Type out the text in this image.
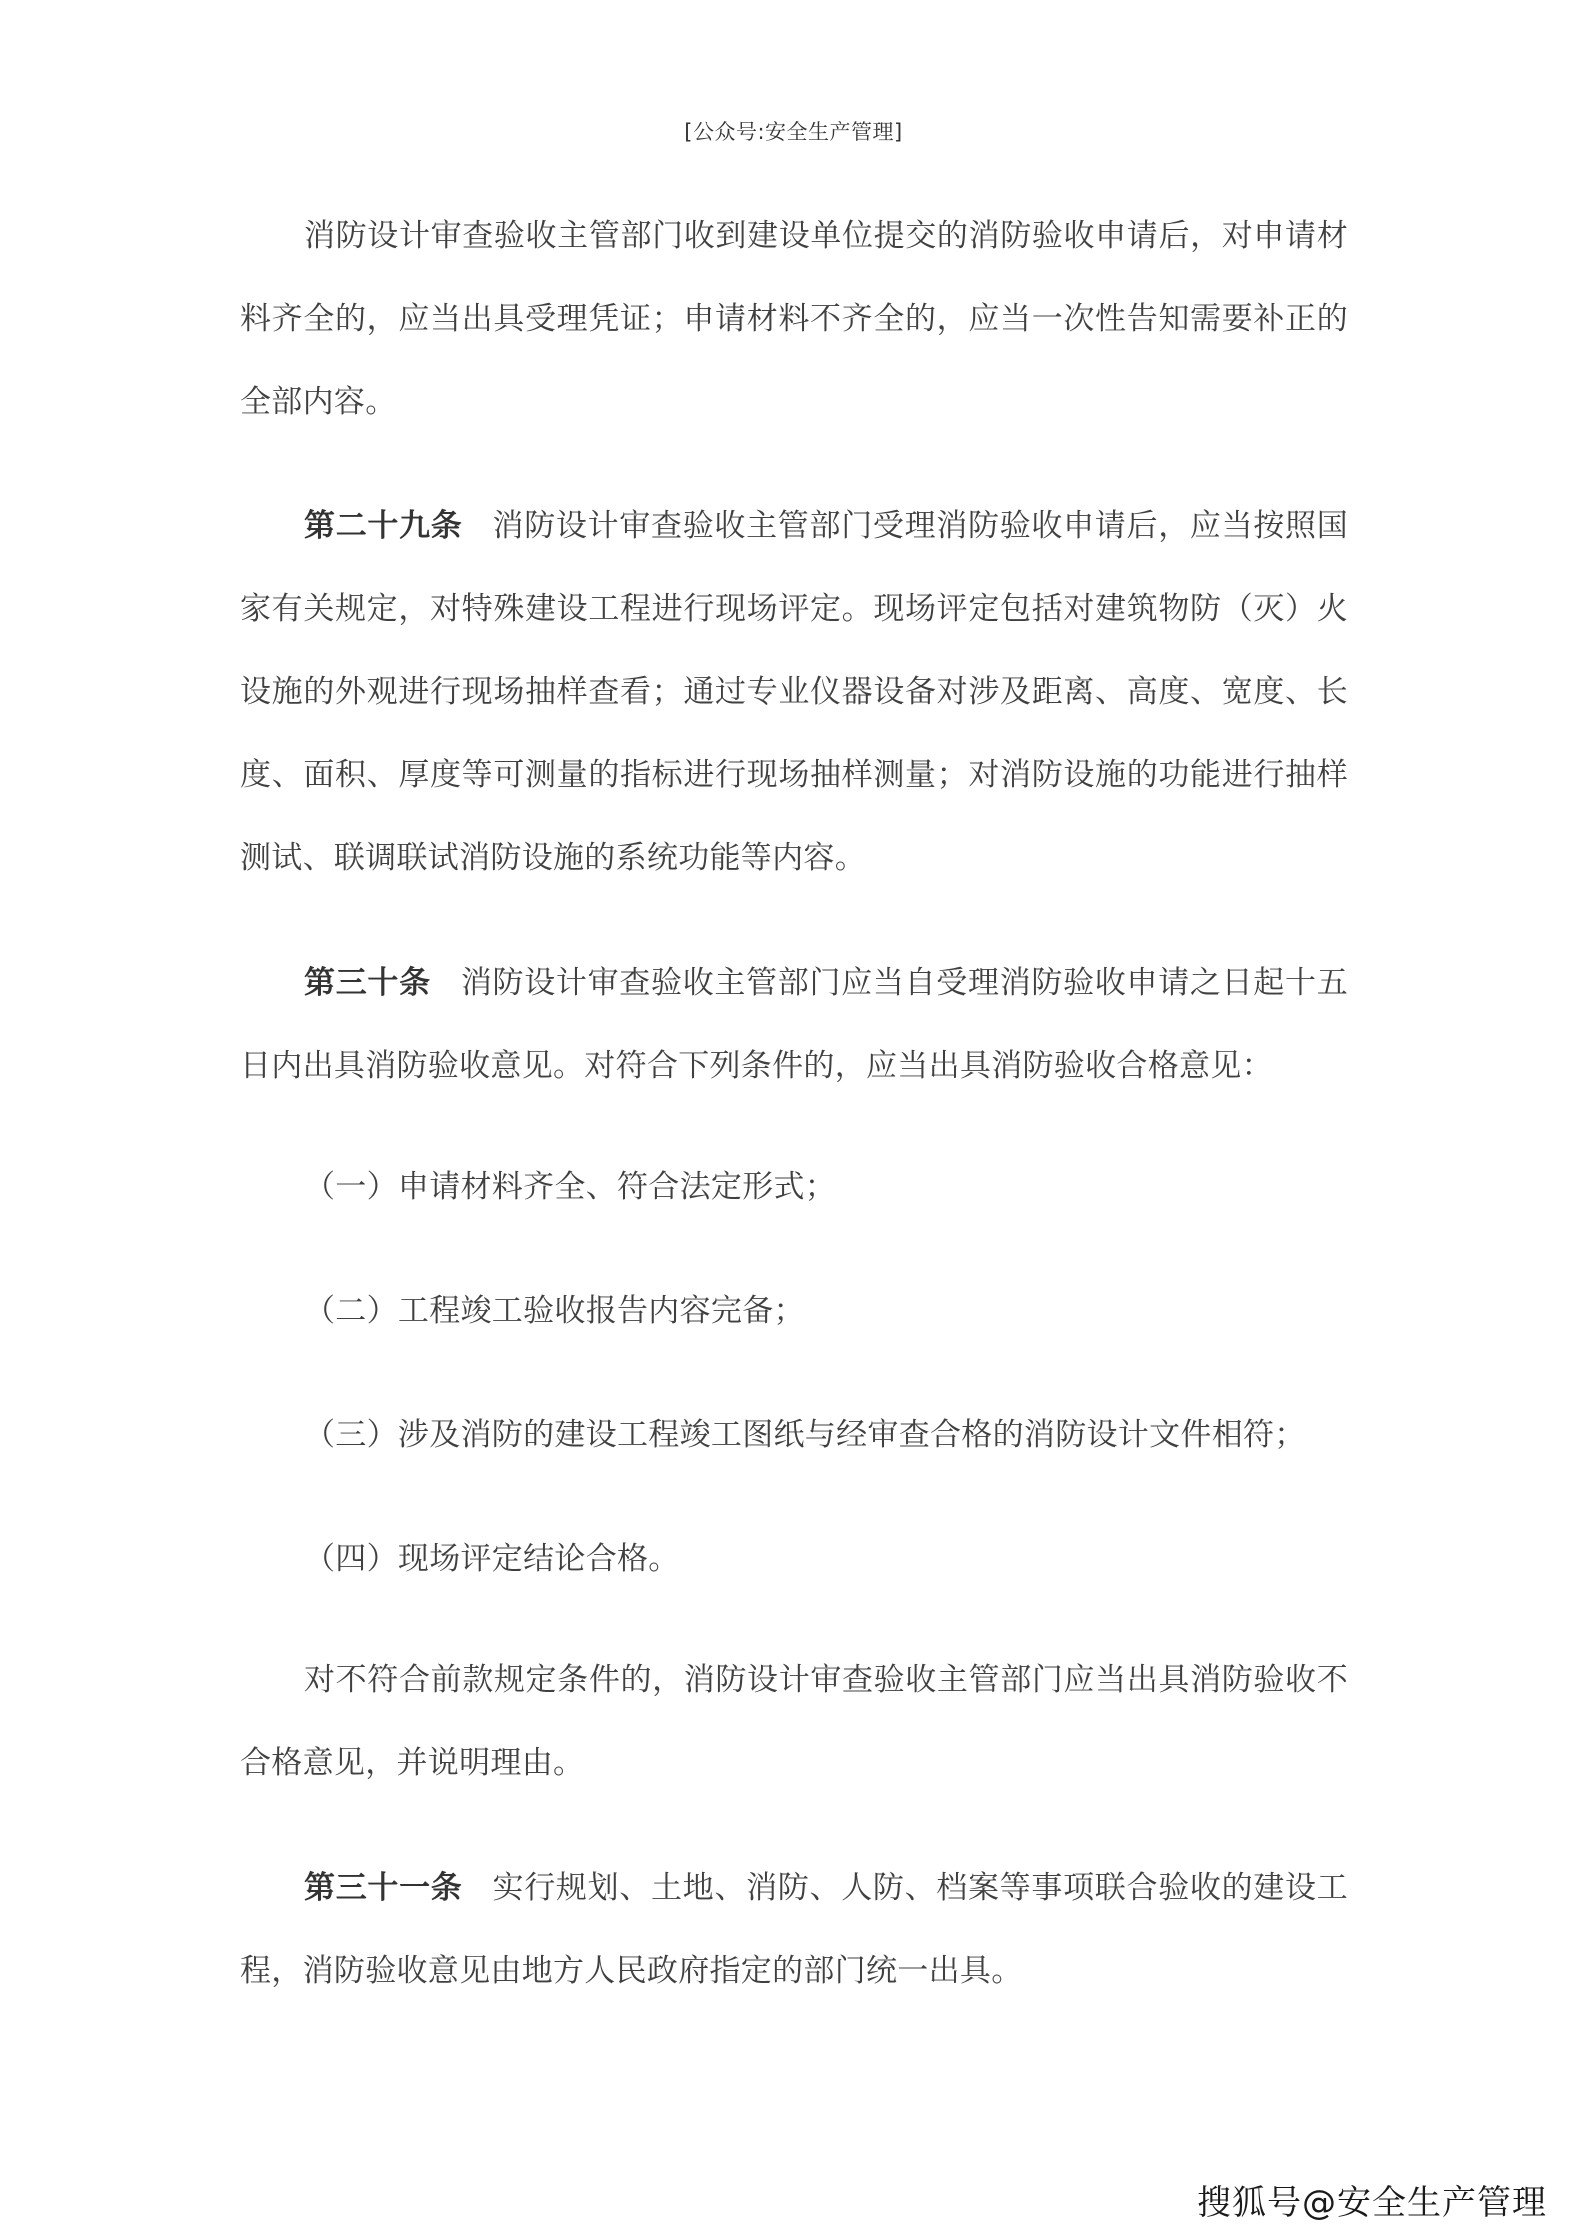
[公众号:安全生产管理]

消防设计审查验收主管部门收到建设单位提交的消防验收申请后，对申请材料齐全的，应当出具受理凭证；申请材料不齐全的，应当一次性告知需要补正的全部内容。

第二十九条 消防设计审查验收主管部门受理消防验收申请后，应当按照国家有关规定，对特殊建设工程进行现场评定。现场评定包括对建筑物防（灭）火设施的外观进行现场抽样查看；通过专业仪器设备对涉及距离、高度、宽度、长度、面积、厚度等可测量的指标进行现场抽样测量；对消防设施的功能进行抽样测试、联调联试消防设施的系统功能等内容。

第三十条 消防设计审查验收主管部门应当自受理消防验收申请之日起十五日内出具消防验收意见。对符合下列条件的，应当出具消防验收合格意见：

（一）申请材料齐全、符合法定形式；

（二）工程竣工验收报告内容完备；

（三）涉及消防的建设工程竣工图纸与经审查合格的消防设计文件相符；

（四）现场评定结论合格。

对不符合前款规定条件的，消防设计审查验收主管部门应当出具消防验收不合格意见，并说明理由。

第三十一条 实行规划、土地、消防、人防、档案等事项联合验收的建设工程，消防验收意见由地方人民政府指定的部门统一出具。

搜狐号@安全生产管理
